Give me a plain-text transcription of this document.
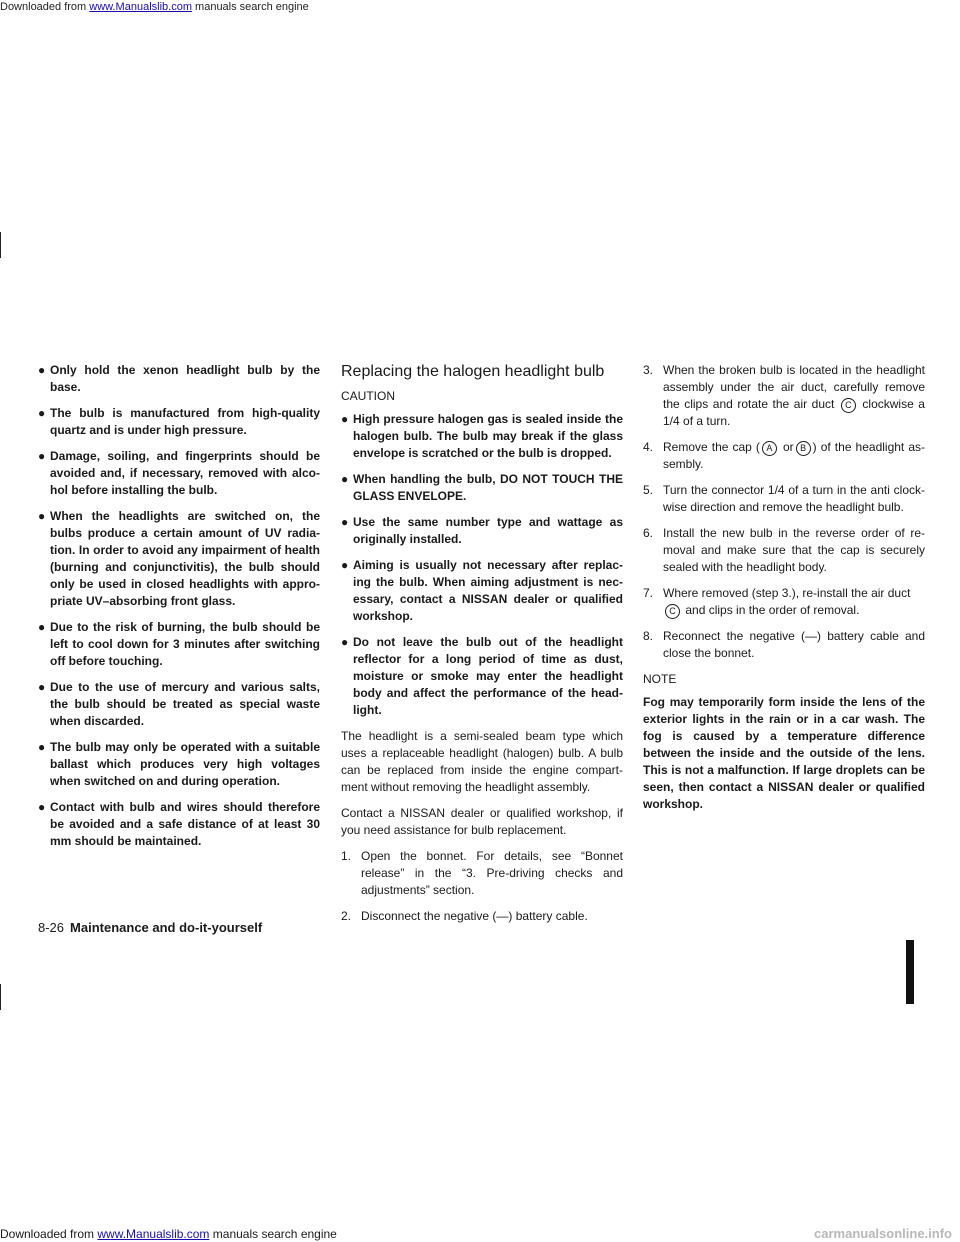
Downloaded from www.Manualslib.com manuals search engine
● Only hold the xenon headlight bulb by the base.
● The bulb is manufactured from high-quality quartz and is under high pressure.
● Damage, soiling, and fingerprints should be avoided and, if necessary, removed with alco- hol before installing the bulb.
● When the headlights are switched on, the bulbs produce a certain amount of UV radia- tion. In order to avoid any impairment of health (burning and conjunctivitis), the bulb should only be used in closed headlights with appro- priate UV–absorbing front glass.
● Due to the risk of burning, the bulb should be left to cool down for 3 minutes after switching off before touching.
● Due to the use of mercury and various salts, the bulb should be treated as special waste when discarded.
● The bulb may only be operated with a suitable ballast which produces very high voltages when switched on and during operation.
● Contact with bulb and wires should therefore be avoided and a safe distance of at least 30 mm should be maintained.
Replacing the halogen headlight bulb
CAUTION
● High pressure halogen gas is sealed inside the halogen bulb. The bulb may break if the glass envelope is scratched or the bulb is dropped.
● When handling the bulb, DO NOT TOUCH THE GLASS ENVELOPE.
● Use the same number type and wattage as originally installed.
● Aiming is usually not necessary after replac- ing the bulb. When aiming adjustment is nec- essary, contact a NISSAN dealer or qualified workshop.
● Do not leave the bulb out of the headlight reflector for a long period of time as dust, moisture or smoke may enter the headlight body and affect the performance of the head- light.

The headlight is a semi-sealed beam type which uses a replaceable headlight (halogen) bulb. A bulb can be replaced from inside the engine compart- ment without removing the headlight assembly.

Contact a NISSAN dealer or qualified workshop, if you need assistance for bulb replacement.

1. Open the bonnet. For details, see “Bonnet release” in the “3. Pre-driving checks and adjustments” section.
2. Disconnect the negative (—) battery cable.
3. When the broken bulb is located in the headlight assembly under the air duct, carefully remove the clips and rotate the air duct C clockwise a 1/4 of a turn.
4. Remove the cap ( A or B ) of the headlight as- sembly.
5. Turn the connector 1/4 of a turn in the anti clock- wise direction and remove the headlight bulb.
6. Install the new bulb in the reverse order of re- moval and make sure that the cap is securely sealed with the headlight body.
7. Where removed (step 3.), re-install the air duct
C and clips in the order of removal.
8. Reconnect the negative (—) battery cable and close the bonnet.
NOTE

Fog may temporarily form inside the lens of the exterior lights in the rain or in a car wash. The fog is caused by a temperature difference between the inside and the outside of the lens. This is not a malfunction. If large droplets can be seen, then contact a NISSAN dealer or qualified workshop.

8-26 Maintenance and do-it-yourself
Downloaded from www.Manualslib.com manuals search engine	carmanualsonline.info
